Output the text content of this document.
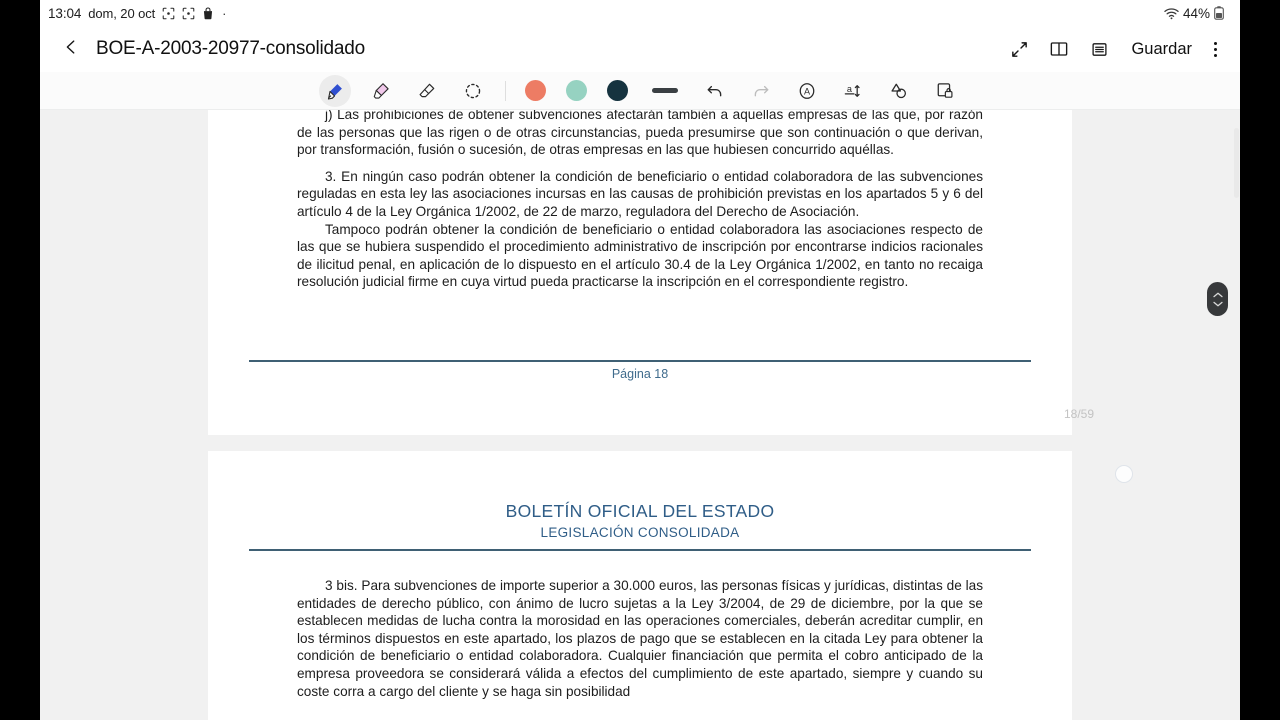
13:04 dom, 20 oct	·	44%
BOE-A-2003-20977-consolidado	Guardar
A	a

j) Las prohibiciones de obtener subvenciones afectarán también a aquellas empresas de las que, por razón de las personas que las rigen o de otras circunstancias, pueda presumirse que son continuación o que derivan, por transformación, fusión o sucesión, de otras empresas en las que hubiesen concurrido aquéllas.

3. En ningún caso podrán obtener la condición de beneficiario o entidad colaboradora de las subvenciones reguladas en esta ley las asociaciones incursas en las causas de prohibición previstas en los apartados 5 y 6 del artículo 4 de la Ley Orgánica 1/2002, de 22 de marzo, reguladora del Derecho de Asociación.

Tampoco podrán obtener la condición de beneficiario o entidad colaboradora las asociaciones respecto de las que se hubiera suspendido el procedimiento administrativo de inscripción por encontrarse indicios racionales de ilicitud penal, en aplicación de lo dispuesto en el artículo 30.4 de la Ley Orgánica 1/2002, en tanto no recaiga resolución judicial firme en cuya virtud pueda practicarse la inscripción en el correspondiente registro.

Página 18
18/59
BOLETÍN OFICIAL DEL ESTADO
LEGISLACIÓN CONSOLIDADA

3 bis. Para subvenciones de importe superior a 30.000 euros, las personas físicas y jurídicas, distintas de las entidades de derecho público, con ánimo de lucro sujetas a la Ley 3/2004, de 29 de diciembre, por la que se establecen medidas de lucha contra la morosidad en las operaciones comerciales, deberán acreditar cumplir, en los términos dispuestos en este apartado, los plazos de pago que se establecen en la citada Ley para obtener la condición de beneficiario o entidad colaboradora. Cualquier financiación que permita el cobro anticipado de la empresa proveedora se considerará válida a efectos del cumplimiento de este apartado, siempre y cuando su coste corra a cargo del cliente y se haga sin posibilidad
